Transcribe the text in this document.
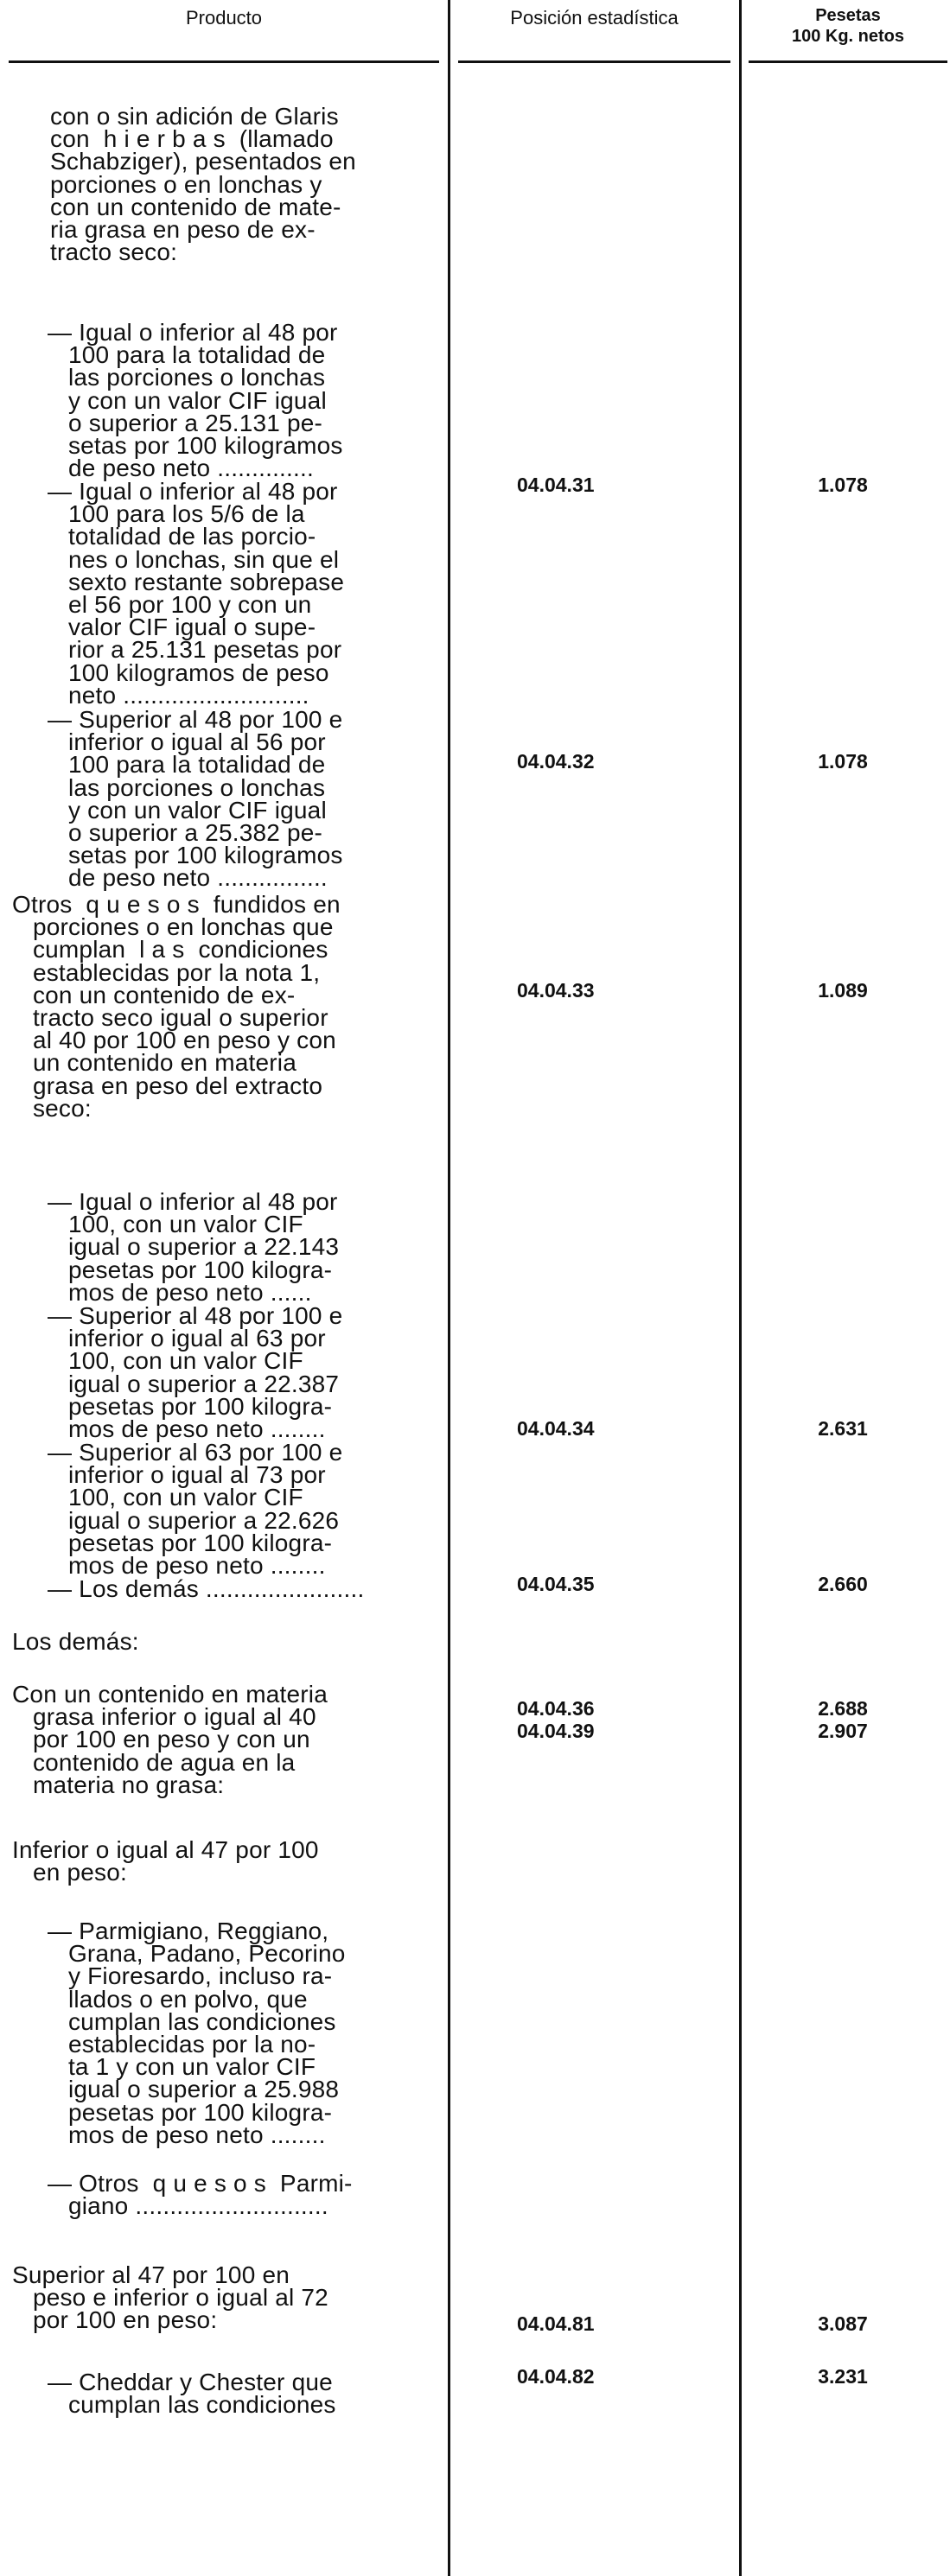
Producto	Posición estadística	Pesetas
100 Kg. netos
con o sin adición de Glaris
con  h i e r b a s  (llamado
Schabziger), pesentados en
porciones o en lonchas y
con un contenido de mate-
ria grasa en peso de ex-
tracto seco:
— Igual o inferior al 48 por
100 para la totalidad de
las porciones o lonchas
y con un valor CIF igual
o superior a 25.131 pe-
setas por 100 kilogramos
de peso neto ..............
— Igual o inferior al 48 por
100 para los 5/6 de la
totalidad de las porcio-
nes o lonchas, sin que el
sexto restante sobrepase
el 56 por 100 y con un
valor CIF igual o supe-
rior a 25.131 pesetas por
100 kilogramos de peso
neto ...........................
— Superior al 48 por 100 e
inferior o igual al 56 por
100 para la totalidad de
las porciones o lonchas
y con un valor CIF igual
o superior a 25.382 pe-
setas por 100 kilogramos
de peso neto ................
Otros  q u e s o s  fundidos en
porciones o en lonchas que
cumplan  l a s  condiciones
establecidas por la nota 1,
con un contenido de ex-
tracto seco igual o superior
al 40 por 100 en peso y con
un contenido en materia
grasa en peso del extracto
seco:
— Igual o inferior al 48 por
100, con un valor CIF
igual o superior a 22.143
pesetas por 100 kilogra-
mos de peso neto ......
— Superior al 48 por 100 e
inferior o igual al 63 por
100, con un valor CIF
igual o superior a 22.387
pesetas por 100 kilogra-
mos de peso neto ........
— Superior al 63 por 100 e
inferior o igual al 73 por
100, con un valor CIF
igual o superior a 22.626
pesetas por 100 kilogra-
mos de peso neto ........
— Los demás .......................
Los demás:
Con un contenido en materia
grasa inferior o igual al 40
por 100 en peso y con un
contenido de agua en la
materia no grasa:
Inferior o igual al 47 por 100
en peso:
— Parmigiano, Reggiano,
Grana, Padano, Pecorino
y Fioresardo, incluso ra-
llados o en polvo, que
cumplan las condiciones
establecidas por la no-
ta 1 y con un valor CIF
igual o superior a 25.988
pesetas por 100 kilogra-
mos de peso neto ........
— Otros  q u e s o s  Parmi-
giano ............................
Superior al 47 por 100 en
peso e inferior o igual al 72
por 100 en peso:
— Cheddar y Chester que
cumplan las condiciones
04.04.31
04.04.32
04.04.33
04.04.34
04.04.35
04.04.36
04.04.39
04.04.81
04.04.82
1.078
1.078
1.089
2.631
2.660
2.688
2.907
3.087
3.231
